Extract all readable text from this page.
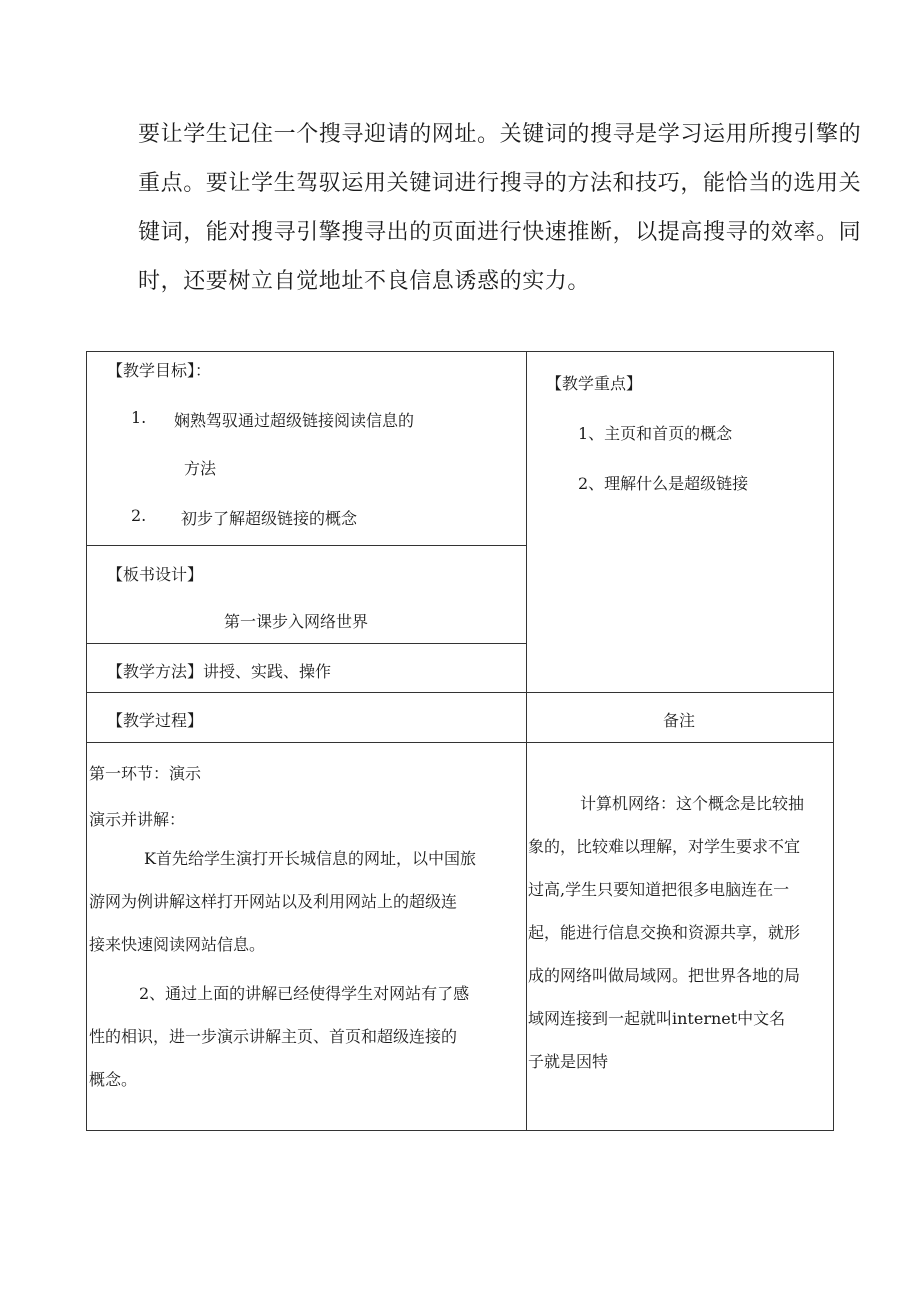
要让学生记住一个搜寻迎请的网址。关键词的搜寻是学习运用所搜引擎的

重点。要让学生驾驭运用关键词进行搜寻的方法和技巧，能恰当的选用关

键词，能对搜寻引擎搜寻出的页面进行快速推断，以提高搜寻的效率。同

时，还要树立自觉地址不良信息诱惑的实力。

【教学目标】：
1. 娴熟驾驭通过超级链接阅读信息的
方法
2. 初步了解超级链接的概念
【教学重点】
1、主页和首页的概念
2、理解什么是超级链接
【板书设计】
第一课步入网络世界
【教学方法】讲授、实践、操作
【教学过程】	备注
第一环节：演示
演示并讲解：

K首先给学生演打开长城信息的网址，以中国旅

游网为例讲解这样打开网站以及利用网站上的超级连

接来快速阅读网站信息。

2、通过上面的讲解已经使得学生对网站有了感

性的相识，进一步演示讲解主页、首页和超级连接的

概念。

计算机网络：这个概念是比较抽

象的，比较难以理解，对学生要求不宜

过高,学生只要知道把很多电脑连在一

起，能进行信息交换和资源共享，就形

成的网络叫做局域网。把世界各地的局

域网连接到一起就叫internet中文名

子就是因特
